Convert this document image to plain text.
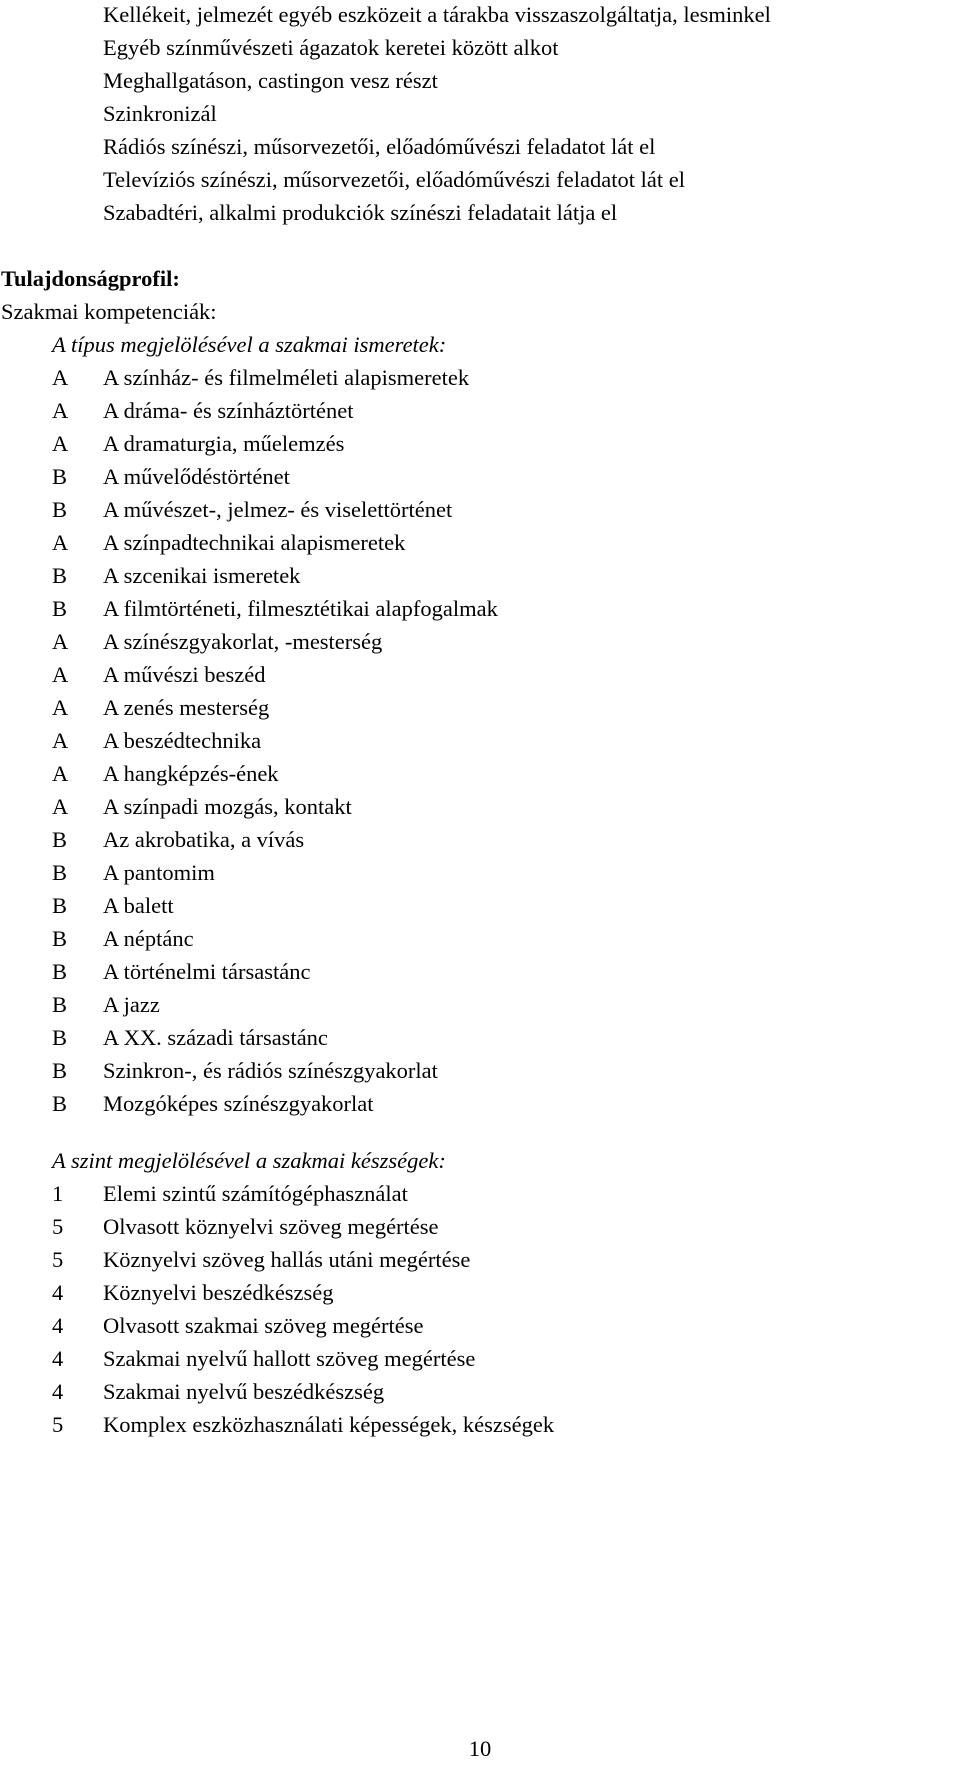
Kellékeit, jelmezét egyéb eszközeit a tárakba visszaszolgáltatja, lesminkel
Egyéb színművészeti ágazatok keretei között alkot
Meghallgatáson, castingon vesz részt
Szinkronizál
Rádiós színészi, műsorvezetői, előadóművészi feladatot lát el
Televíziós színészi, műsorvezetői, előadóművészi feladatot lát el
Szabadtéri, alkalmi produkciók színészi feladatait látja el
Tulajdonságprofil:
Szakmai kompetenciák:
A típus megjelölésével a szakmai ismeretek:
A	A színház- és filmelméleti alapismeretek
A	A dráma- és színháztörténet
A	A dramaturgia, műelemzés
B	A művelődéstörténet
B	A művészet-, jelmez- és viselettörténet
A	A színpadtechnikai alapismeretek
B	A szcenikai ismeretek
B	A filmtörténeti, filmesztétikai alapfogalmak
A	A színészgyakorlat, -mesterség
A	A művészi beszéd
A	A zenés mesterség
A	A beszédtechnika
A	A hangképzés-ének
A	A színpadi mozgás, kontakt
B	Az akrobatika, a vívás
B	A pantomim
B	A balett
B	A néptánc
B	A történelmi társastánc
B	A jazz
B	A XX. századi társastánc
B	Szinkron-, és rádiós színészgyakorlat
B	Mozgóképes színészgyakorlat
A szint megjelölésével a szakmai készségek:
1	Elemi szintű számítógéphasználat
5	Olvasott köznyelvi szöveg megértése
5	Köznyelvi szöveg hallás utáni megértése
4	Köznyelvi beszédkészség
4	Olvasott szakmai szöveg megértése
4	Szakmai nyelvű hallott szöveg megértése
4	Szakmai nyelvű beszédkészség
5	Komplex eszközhasználati képességek, készségek
10
